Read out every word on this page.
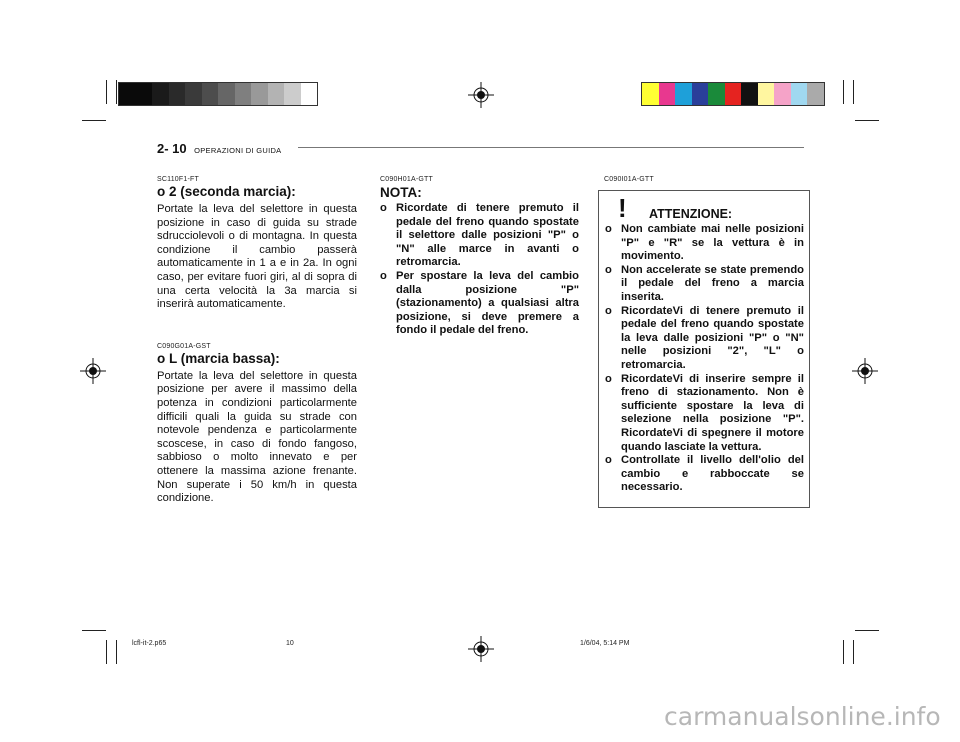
2- 10 OPERAZIONI DI GUIDA
SC110F1-FT
o 2 (seconda marcia):
Portate la leva del selettore in questa posizione in caso di guida su strade sdrucciolevoli o di montagna. In questa condizione il cambio passerà automaticamente in 1 a e in 2a. In ogni caso, per evitare fuori giri, al di sopra di una certa velocità la 3a marcia si inserirà automaticamente.
C090G01A-GST
o L (marcia bassa):
Portate la leva del selettore in questa posizione per avere il massimo della potenza in condizioni particolarmente difficili quali la guida su strade con notevole pendenza e particolarmente scoscese, in caso di fondo fangoso, sabbioso o molto innevato e per ottenere la massima azione frenante. Non superate i 50 km/h in questa condizione.
C090H01A-GTT
NOTA:
o Ricordate di tenere premuto il pedale del freno quando spostate il selettore dalle posizioni "P" o "N" alle marce in avanti o retromarcia.
o Per spostare la leva del cambio dalla posizione "P" (stazionamento) a qualsiasi altra posizione, si deve premere a fondo il pedale del freno.
C090I01A-GTT
! ATTENZIONE:
o Non cambiate mai nelle posizioni "P" e "R" se la vettura è in movimento.
o Non accelerate se state premendo il pedale del freno a marcia inserita.
o RicordateVi di tenere premuto il pedale del freno quando spostate la leva dalle posizioni "P" o "N" nelle posizioni "2", "L" o retromarcia.
o RicordateVi di inserire sempre il freno di stazionamento. Non è sufficiente spostare la leva di selezione nella posizione "P". RicordateVi di spegnere il motore quando lasciate la vettura.
o Controllate il livello dell'olio del cambio e rabboccate se necessario.
lcfl-it-2.p65	10	1/6/04, 5:14 PM
carmanualsonline.info
